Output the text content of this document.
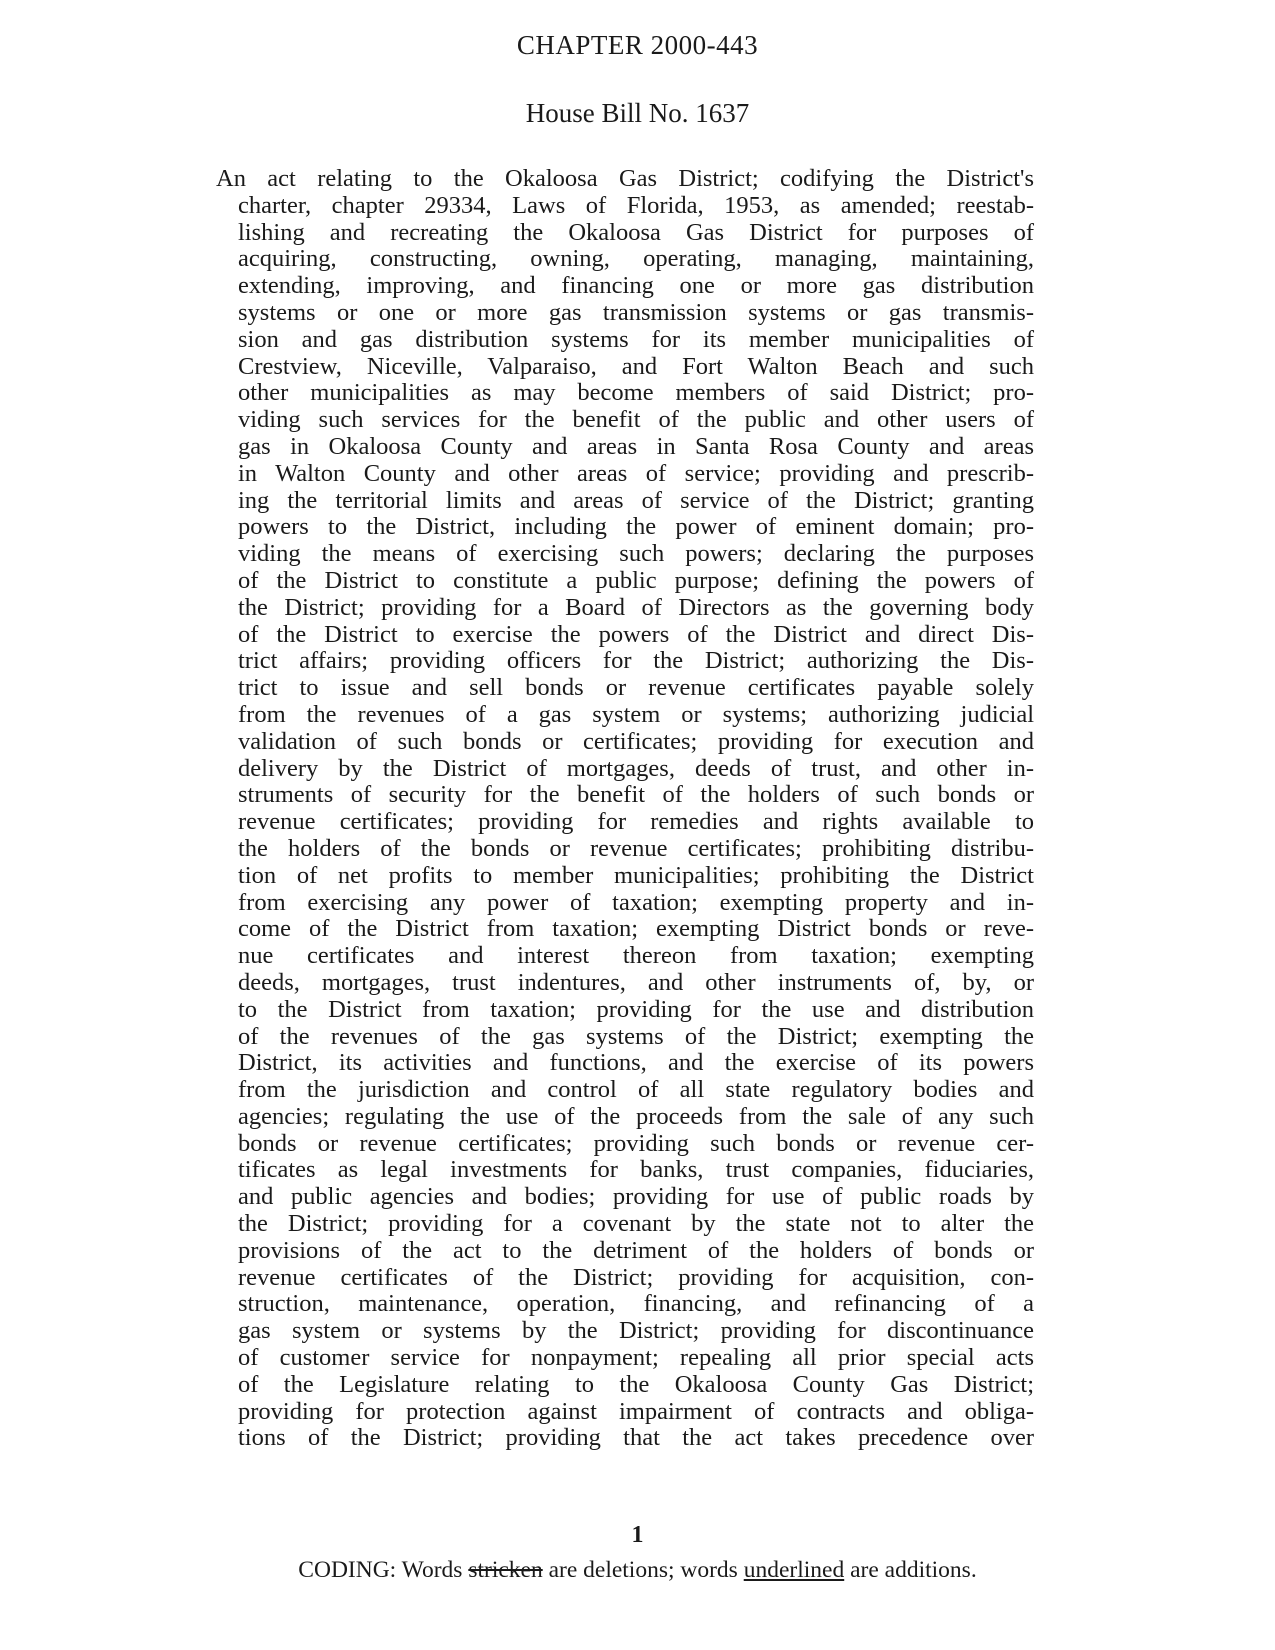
CHAPTER 2000-443
House Bill No. 1637
An act relating to the Okaloosa Gas District; codifying the District's
charter, chapter 29334, Laws of Florida, 1953, as amended; reestab-
lishing and recreating the Okaloosa Gas District for purposes of
acquiring, constructing, owning, operating, managing, maintaining,
extending, improving, and financing one or more gas distribution
systems or one or more gas transmission systems or gas transmis-
sion and gas distribution systems for its member municipalities of
Crestview, Niceville, Valparaiso, and Fort Walton Beach and such
other municipalities as may become members of said District; pro-
viding such services for the benefit of the public and other users of
gas in Okaloosa County and areas in Santa Rosa County and areas
in Walton County and other areas of service; providing and prescrib-
ing the territorial limits and areas of service of the District; granting
powers to the District, including the power of eminent domain; pro-
viding the means of exercising such powers; declaring the purposes
of the District to constitute a public purpose; defining the powers of
the District; providing for a Board of Directors as the governing body
of the District to exercise the powers of the District and direct Dis-
trict affairs; providing officers for the District; authorizing the Dis-
trict to issue and sell bonds or revenue certificates payable solely
from the revenues of a gas system or systems; authorizing judicial
validation of such bonds or certificates; providing for execution and
delivery by the District of mortgages, deeds of trust, and other in-
struments of security for the benefit of the holders of such bonds or
revenue certificates; providing for remedies and rights available to
the holders of the bonds or revenue certificates; prohibiting distribu-
tion of net profits to member municipalities; prohibiting the District
from exercising any power of taxation; exempting property and in-
come of the District from taxation; exempting District bonds or reve-
nue certificates and interest thereon from taxation; exempting
deeds, mortgages, trust indentures, and other instruments of, by, or
to the District from taxation; providing for the use and distribution
of the revenues of the gas systems of the District; exempting the
District, its activities and functions, and the exercise of its powers
from the jurisdiction and control of all state regulatory bodies and
agencies; regulating the use of the proceeds from the sale of any such
bonds or revenue certificates; providing such bonds or revenue cer-
tificates as legal investments for banks, trust companies, fiduciaries,
and public agencies and bodies; providing for use of public roads by
the District; providing for a covenant by the state not to alter the
provisions of the act to the detriment of the holders of bonds or
revenue certificates of the District; providing for acquisition, con-
struction, maintenance, operation, financing, and refinancing of a
gas system or systems by the District; providing for discontinuance
of customer service for nonpayment; repealing all prior special acts
of the Legislature relating to the Okaloosa County Gas District;
providing for protection against impairment of contracts and obliga-
tions of the District; providing that the act takes precedence over
1
CODING: Words stricken are deletions; words underlined are additions.
